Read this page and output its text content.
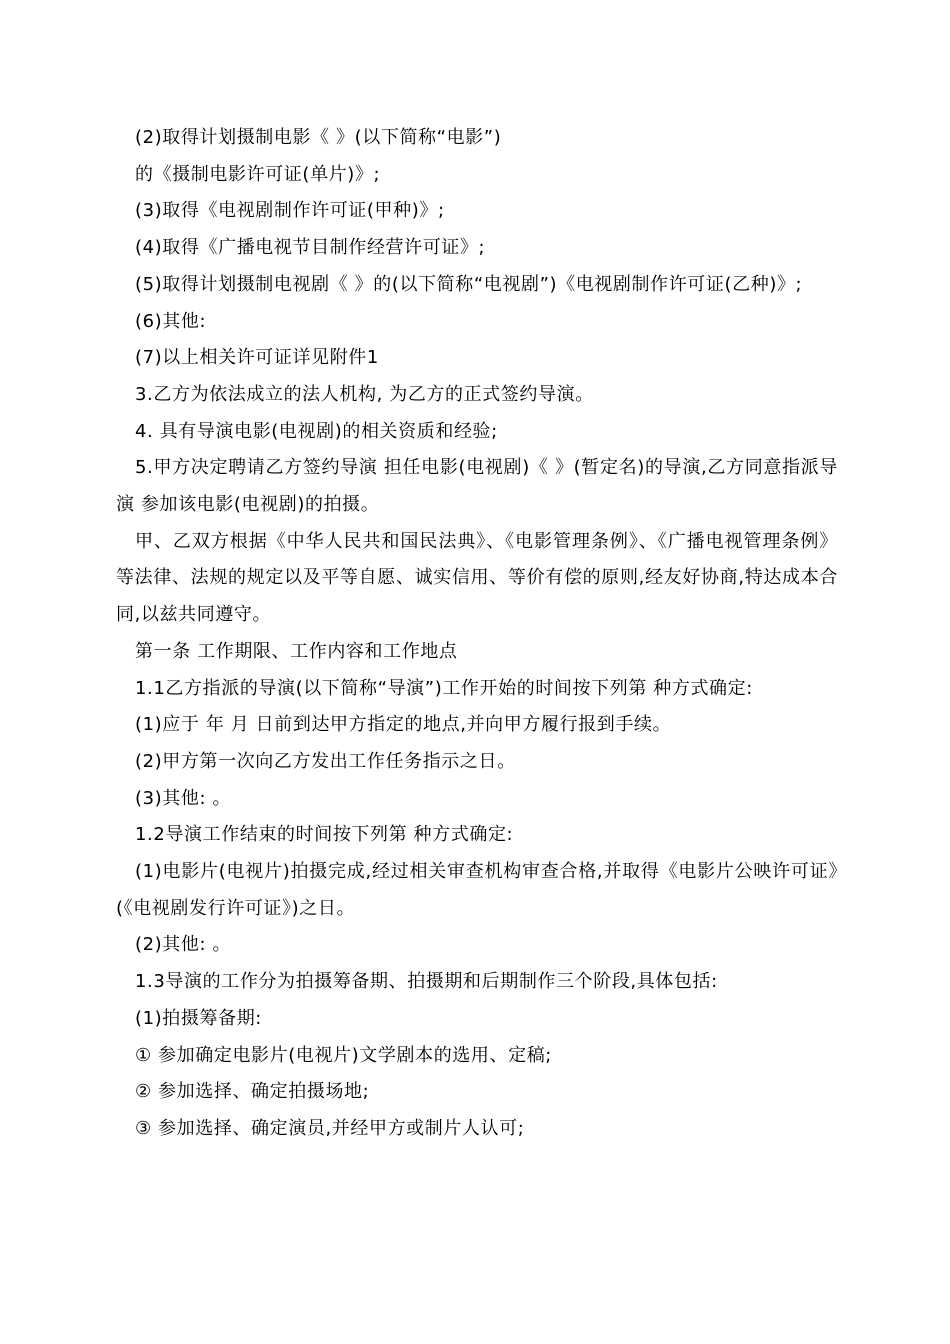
(2)取得计划摄制电影《 》(以下简称“电影”)
的《摄制电影许可证(单片)》;
(3)取得《电视剧制作许可证(甲种)》;
(4)取得《广播电视节目制作经营许可证》;
(5)取得计划摄制电视剧《 》的(以下简称“电视剧”)《电视剧制作许可证(乙种)》;
(6)其他:
(7)以上相关许可证详见附件1
3.乙方为依法成立的法人机构, 为乙方的正式签约导演。
4. 具有导演电影(电视剧)的相关资质和经验;
5.甲方决定聘请乙方签约导演 担任电影(电视剧)《 》(暂定名)的导演,乙方同意指派导演 参加该电影(电视剧)的拍摄。
甲、乙双方根据《中华人民共和国民法典》、《电影管理条例》、《广播电视管理条例》等法律、法规的规定以及平等自愿、诚实信用、等价有偿的原则,经友好协商,特达成本合同,以兹共同遵守。
第一条 工作期限、工作内容和工作地点
1.1乙方指派的导演(以下简称“导演”)工作开始的时间按下列第 种方式确定:
(1)应于 年 月 日前到达甲方指定的地点,并向甲方履行报到手续。
(2)甲方第一次向乙方发出工作任务指示之日。
(3)其他: 。
1.2导演工作结束的时间按下列第 种方式确定:
(1)电影片(电视片)拍摄完成,经过相关审查机构审查合格,并取得《电影片公映许可证》(《电视剧发行许可证》)之日。
(2)其他: 。
1.3导演的工作分为拍摄筹备期、拍摄期和后期制作三个阶段,具体包括:
(1)拍摄筹备期:
① 参加确定电影片(电视片)文学剧本的选用、定稿;
② 参加选择、确定拍摄场地;
③ 参加选择、确定演员,并经甲方或制片人认可;
